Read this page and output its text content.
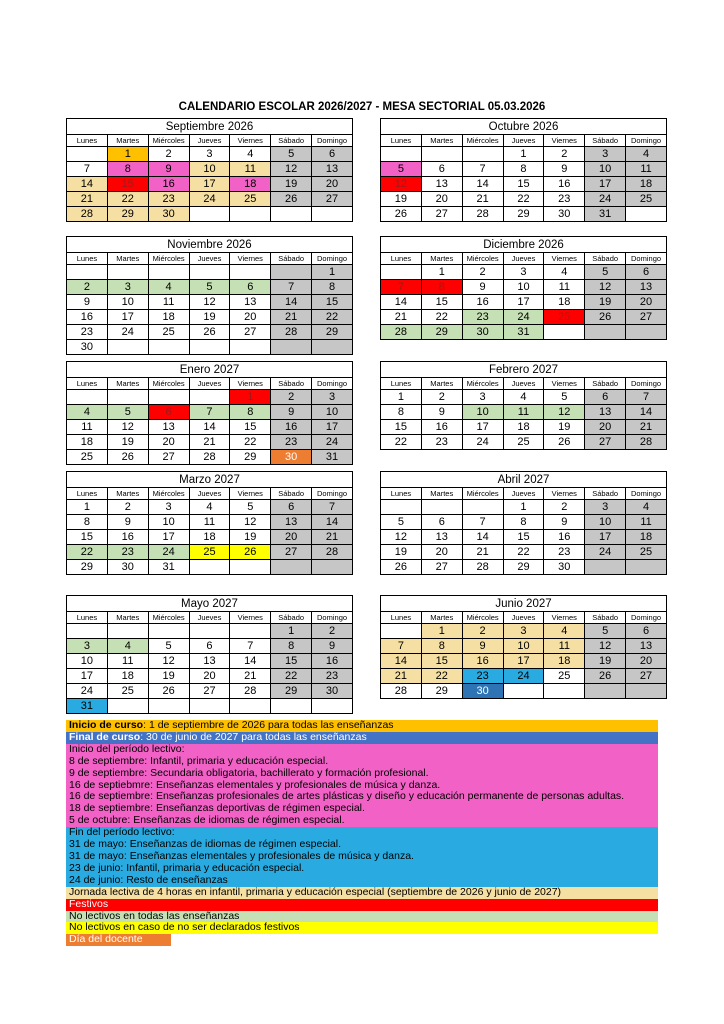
CALENDARIO ESCOLAR 2026/2027 - MESA SECTORIAL 05.03.2026
Septiembre 2026						
Lunes	Martes	Miércoles	Jueves	Viernes	Sábado	Domingo
	1	2	3	4	5	6
7	8	9	10	11	12	13
14	15	16	17	18	19	20
21	22	23	24	25	26	27
28	29	30				
Octubre 2026						
Lunes	Martes	Miércoles	Jueves	Viernes	Sábado	Domingo
			1	2	3	4
5	6	7	8	9	10	11
12	13	14	15	16	17	18
19	20	21	22	23	24	25
26	27	28	29	30	31	
Noviembre 2026						
Lunes	Martes	Miércoles	Jueves	Viernes	Sábado	Domingo
						1
2	3	4	5	6	7	8
9	10	11	12	13	14	15
16	17	18	19	20	21	22
23	24	25	26	27	28	29
30						
Diciembre 2026						
Lunes	Martes	Miércoles	Jueves	Viernes	Sábado	Domingo
	1	2	3	4	5	6
7	8	9	10	11	12	13
14	15	16	17	18	19	20
21	22	23	24	25	26	27
28	29	30	31			
Enero 2027						
Lunes	Martes	Miércoles	Jueves	Viernes	Sábado	Domingo
				1	2	3
4	5	6	7	8	9	10
11	12	13	14	15	16	17
18	19	20	21	22	23	24
25	26	27	28	29	30	31
Febrero 2027						
Lunes	Martes	Miércoles	Jueves	Viernes	Sábado	Domingo
1	2	3	4	5	6	7
8	9	10	11	12	13	14
15	16	17	18	19	20	21
22	23	24	25	26	27	28
Marzo 2027						
Lunes	Martes	Miércoles	Jueves	Viernes	Sábado	Domingo
1	2	3	4	5	6	7
8	9	10	11	12	13	14
15	16	17	18	19	20	21
22	23	24	25	26	27	28
29	30	31				
Abril 2027						
Lunes	Martes	Miércoles	Jueves	Viernes	Sábado	Domingo
			1	2	3	4
5	6	7	8	9	10	11
12	13	14	15	16	17	18
19	20	21	22	23	24	25
26	27	28	29	30		
Mayo 2027						
Lunes	Martes	Miércoles	Jueves	Viernes	Sábado	Domingo
					1	2
3	4	5	6	7	8	9
10	11	12	13	14	15	16
17	18	19	20	21	22	23
24	25	26	27	28	29	30
31						
Junio 2027						
Lunes	Martes	Miércoles	Jueves	Viernes	Sábado	Domingo
	1	2	3	4	5	6
7	8	9	10	11	12	13
14	15	16	17	18	19	20
21	22	23	24	25	26	27
28	29	30				
Inicio de curso: 1 de septiembre de 2026 para todas las enseñanzas
Final de curso: 30 de junio de 2027 para todas las enseñanzas
Inicio del período lectivo:
8 de septiembre: Infantil, primaria y educación especial.
9 de septiembre: Secundaria obligatoria, bachillerato y formación profesional.
16 de septiebmre: Enseñanzas elementales y profesionales de música y danza.
16 de septiembre: Enseñanzas profesionales de artes plásticas y diseño y educación permanente de personas adultas.
18 de septiembre: Enseñanzas deportivas de régimen especial.
5 de octubre: Enseñanzas de idiomas de régimen especial.
Fin del período lectivo:
31 de mayo: Enseñanzas de idiomas de régimen especial.
31 de mayo: Enseñanzas elementales y profesionales de música y danza.
23 de junio: Infantil, primaria y educación especial.
24 de junio: Resto de enseñanzas
Jornada lectiva de 4 horas en infantil, primaria y educación especial (septiembre de 2026 y junio de 2027)
Festivos
No lectivos en todas las enseñanzas
No lectivos en caso de no ser declarados festivos
Día del docente
